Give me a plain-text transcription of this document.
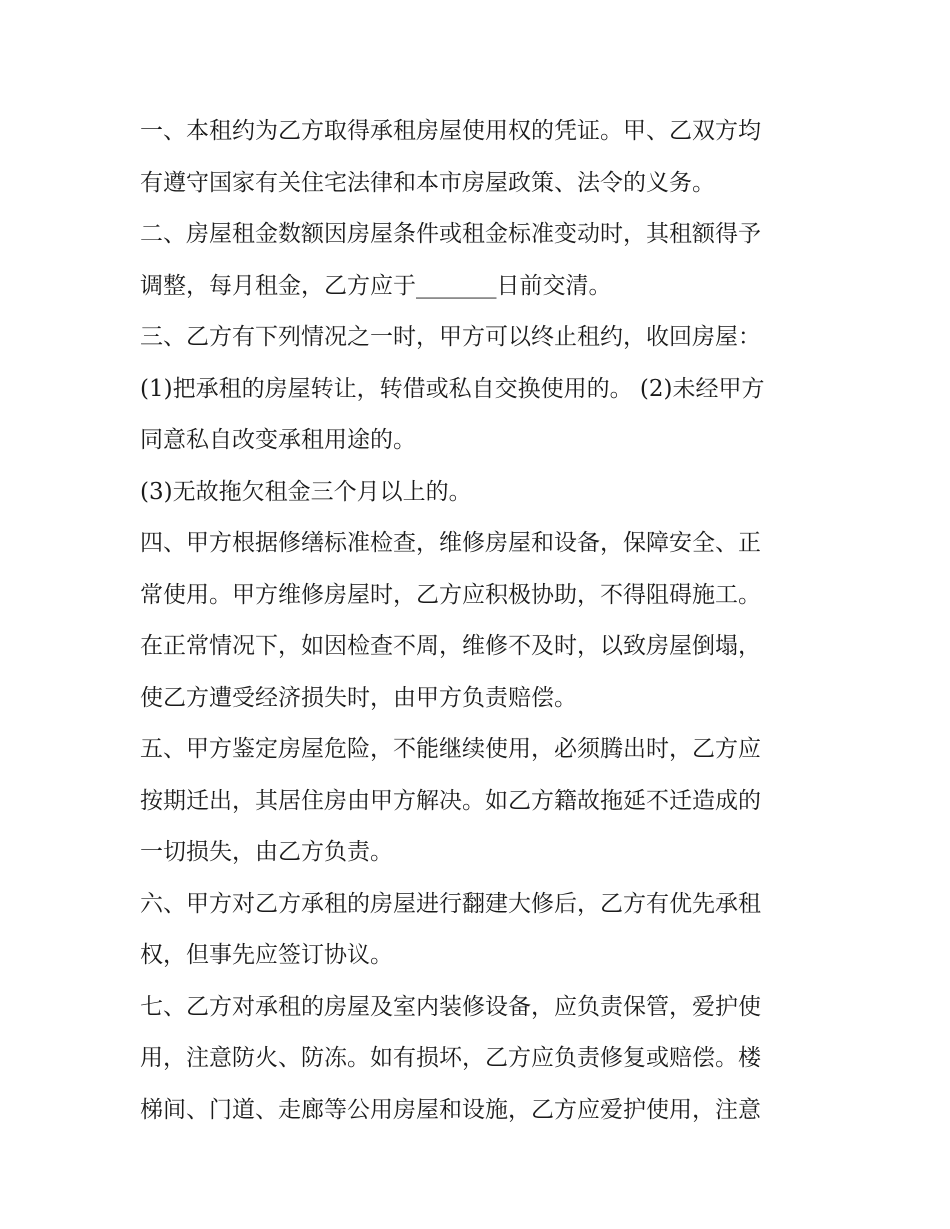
一、本租约为乙方取得承租房屋使用权的凭证。甲、乙双方均
有遵守国家有关住宅法律和本市房屋政策、法令的义务。
二、房屋租金数额因房屋条件或租金标准变动时，其租额得予
调整，每月租金，乙方应于_______日前交清。
三、乙方有下列情况之一时，甲方可以终止租约，收回房屋：
(1)把承租的房屋转让，转借或私自交换使用的。 (2)未经甲方
同意私自改变承租用途的。
(3)无故拖欠租金三个月以上的。
四、甲方根据修缮标准检查，维修房屋和设备，保障安全、正
常使用。甲方维修房屋时，乙方应积极协助，不得阻碍施工。
在正常情况下，如因检查不周，维修不及时，以致房屋倒塌，
使乙方遭受经济损失时，由甲方负责赔偿。
五、甲方鉴定房屋危险，不能继续使用，必须腾出时，乙方应
按期迁出，其居住房由甲方解决。如乙方籍故拖延不迁造成的
一切损失，由乙方负责。
六、甲方对乙方承租的房屋进行翻建大修后，乙方有优先承租
权，但事先应签订协议。
七、乙方对承租的房屋及室内装修设备，应负责保管，爱护使
用，注意防火、防冻。如有损坏，乙方应负责修复或赔偿。楼
梯间、门道、走廊等公用房屋和设施，乙方应爱护使用，注意
